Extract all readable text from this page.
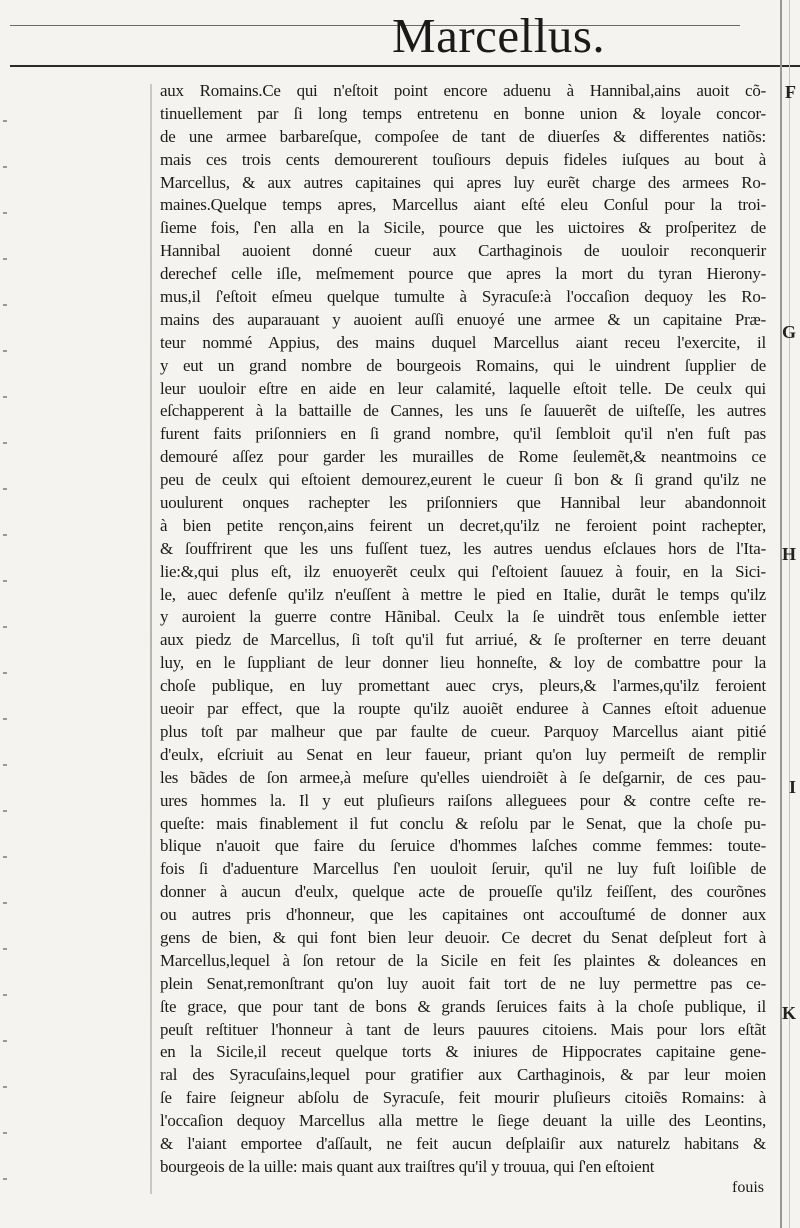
Marcellus.
aux Romains.Ce qui n'eſtoit point encore aduenu à Hannibal,ains auoit cõ-
tinuellement par ſi long temps entretenu en bonne union & loyale concor-
de une armee barbareſque, compoſee de tant de diuerſes & differentes natiõs:
mais ces trois cents demourerent touſiours depuis fideles iuſques au bout à
Marcellus, & aux autres capitaines qui apres luy eurẽt charge des armees Ro-
maines.Quelque temps apres, Marcellus aiant eſté eleu Conſul pour la troi-
ſieme fois, ſ'en alla en la Sicile, pource que les uictoires & proſperitez de
Hannibal auoient donné cueur aux Carthaginois de uouloir reconquerir
derechef celle iſle, meſmement pource que apres la mort du tyran Hierony-
mus,il ſ'eſtoit eſmeu quelque tumulte à Syracuſe:à l'occaſion dequoy les Ro-
mains des auparauant y auoient auſſi enuoyé une armee & un capitaine Præ-
teur nommé Appius, des mains duquel Marcellus aiant receu l'exercite, il
y eut un grand nombre de bourgeois Romains, qui le uindrent ſupplier de
leur uouloir eſtre en aide en leur calamité, laquelle eſtoit telle. De ceulx qui
eſchapperent à la battaille de Cannes, les uns ſe ſauuerẽt de uiſteſſe, les autres
furent faits priſonniers en ſi grand nombre, qu'il ſembloit qu'il n'en fuſt pas
demouré aſſez pour garder les murailles de Rome ſeulemẽt,& neantmoins ce
peu de ceulx qui eſtoient demourez,eurent le cueur ſi bon & ſi grand qu'ilz ne
uoulurent onques rachepter les priſonniers que Hannibal leur abandonnoit
à bien petite rençon,ains feirent un decret,qu'ilz ne feroient point rachepter,
& ſouffrirent que les uns fuſſent tuez, les autres uendus eſclaues hors de l'Ita-
lie:&,qui plus eſt, ilz enuoyerẽt ceulx qui ſ'eſtoient ſauuez à fouir, en la Sici-
le, auec defenſe qu'ilz n'euſſent à mettre le pied en Italie, durãt le temps qu'ilz
y auroient la guerre contre Hãnibal. Ceulx la ſe uindrẽt tous enſemble ietter
aux piedz de Marcellus, ſi toſt qu'il fut arriué, & ſe proſterner en terre deuant
luy, en le ſuppliant de leur donner lieu honneſte, & loy de combattre pour la
choſe publique, en luy promettant auec crys, pleurs,& l'armes,qu'ilz feroient
ueoir par effect, que la roupte qu'ilz auoiẽt enduree à Cannes eſtoit aduenue
plus toſt par malheur que par faulte de cueur. Parquoy Marcellus aiant pitié
d'eulx, eſcriuit au Senat en leur faueur, priant qu'on luy permeiſt de remplir
les bãdes de ſon armee,à meſure qu'elles uiendroiẽt à ſe deſgarnir, de ces pau-
ures hommes la. Il y eut pluſieurs raiſons alleguees pour & contre ceſte re-
queſte: mais finablement il fut conclu & reſolu par le Senat, que la choſe pu-
blique n'auoit que faire du ſeruice d'hommes laſches comme femmes: toute-
fois ſi d'aduenture Marcellus ſ'en uouloit ſeruir, qu'il ne luy fuſt loiſible de
donner à aucun d'eulx, quelque acte de proueſſe qu'ilz feiſſent, des courõnes
ou autres pris d'honneur, que les capitaines ont accouſtumé de donner aux
gens de bien, & qui font bien leur deuoir. Ce decret du Senat deſpleut fort à
Marcellus,lequel à ſon retour de la Sicile en feit ſes plaintes & doleances en
plein Senat,remonſtrant qu'on luy auoit fait tort de ne luy permettre pas ce-
ſte grace, que pour tant de bons & grands ſeruices faits à la choſe publique, il
peuſt reſtituer l'honneur à tant de leurs pauures citoiens. Mais pour lors eſtãt
en la Sicile,il receut quelque torts & iniures de Hippocrates capitaine gene-
ral des Syracuſains,lequel pour gratifier aux Carthaginois, & par leur moien
ſe faire ſeigneur abſolu de Syracuſe, feit mourir pluſieurs citoiẽs Romains: à
l'occaſion dequoy Marcellus alla mettre le ſiege deuant la uille des Leontins,
& l'aiant emportee d'aſſault, ne feit aucun deſplaiſir aux naturelz habitans &
bourgeois de la uille: mais quant aux traiſtres qu'il y trouua, qui ſ'en eſtoient
F
G
H
I
K
fouis
